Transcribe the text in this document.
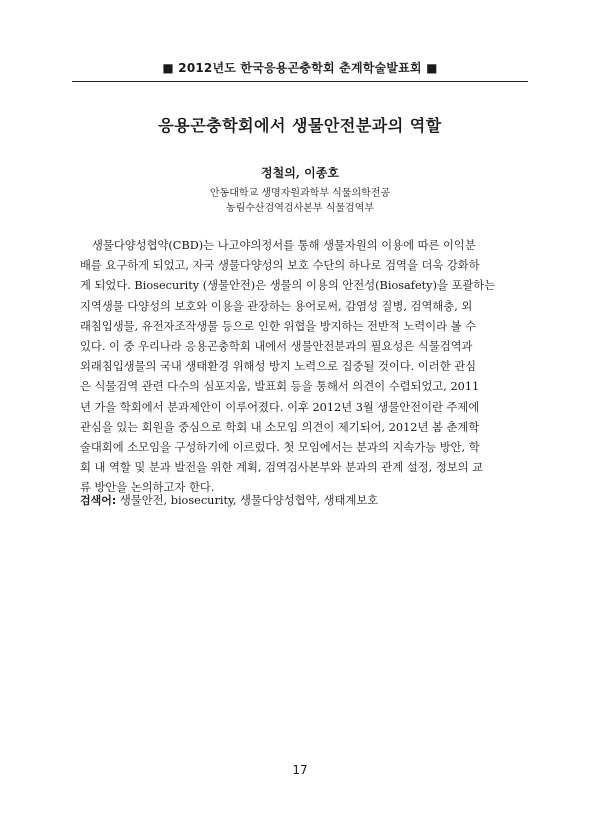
■ 2012년도 한국응용곤충학회 춘계학술발표회 ■
응용곤충학회에서 생물안전분과의 역할
정철의, 이종호
안동대학교 생명자원과학부 식물의학전공
농림수산검역검사본부 식물검역부
생물다양성협약(CBD)는 나고야의정서를 통해 생물자원의 이용에 따른 이익분
배를 요구하게 되었고, 자국 생물다양성의 보호 수단의 하나로 검역을 더욱 강화하
게 되었다. Biosecurity (생물안전)은 생물의 이용의 안전성(Biosafety)을 포괄하는
지역생물 다양성의 보호와 이용을 관장하는 용어로써, 감염성 질병, 검역해충, 외
래침입생물, 유전자조작생물 등으로 인한 위협을 방지하는 전반적 노력이라 볼 수
있다. 이 중 우리나라 응용곤충학회 내에서 생물안전분과의 필요성은 식물검역과
외래침입생물의 국내 생태환경 위해성 방지 노력으로 집중될 것이다. 이러한 관심
은 식물검역 관련 다수의 심포지움, 발표회 등을 통해서 의견이 수렴되었고, 2011
년 가을 학회에서 분과제안이 이루어졌다. 이후 2012년 3월 생물안전이란 주제에
관심을 있는 회원을 중심으로 학회 내 소모임 의견이 제기되어, 2012년 봄 춘계학
술대회에 소모임을 구성하기에 이르렀다. 첫 모임에서는 분과의 지속가능 방안, 학
회 내 역할 및 분과 발전을 위한 계획, 검역검사본부와 분과의 관계 설정, 정보의 교
류 방안을 논의하고자 한다.
검색어: 생물안전, biosecurity, 생물다양성협약, 생태계보호
17
